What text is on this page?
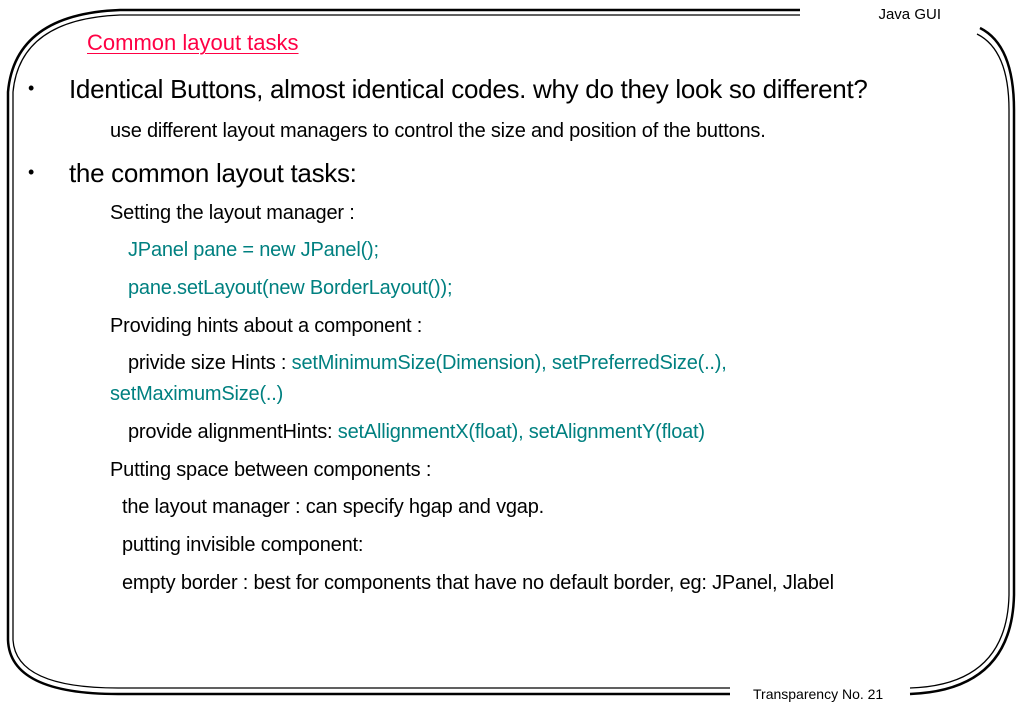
Java GUI
Transparency No. 21
Common layout tasks
• Identical Buttons, almost identical codes. why do they look so different?
use different layout managers to control the size and position of the buttons.
• the common layout tasks:
Setting the layout manager :
JPanel pane = new JPanel();
pane.setLayout(new BorderLayout());
Providing hints about a component :
privide size Hints : setMinimumSize(Dimension), setPreferredSize(..),
setMaximumSize(..)
provide alignmentHints: setAllignmentX(float), setAlignmentY(float)
Putting space between components :
the layout manager : can specify hgap and vgap.
putting invisible component:
empty border : best for components that have no default border, eg: JPanel, Jlabel
